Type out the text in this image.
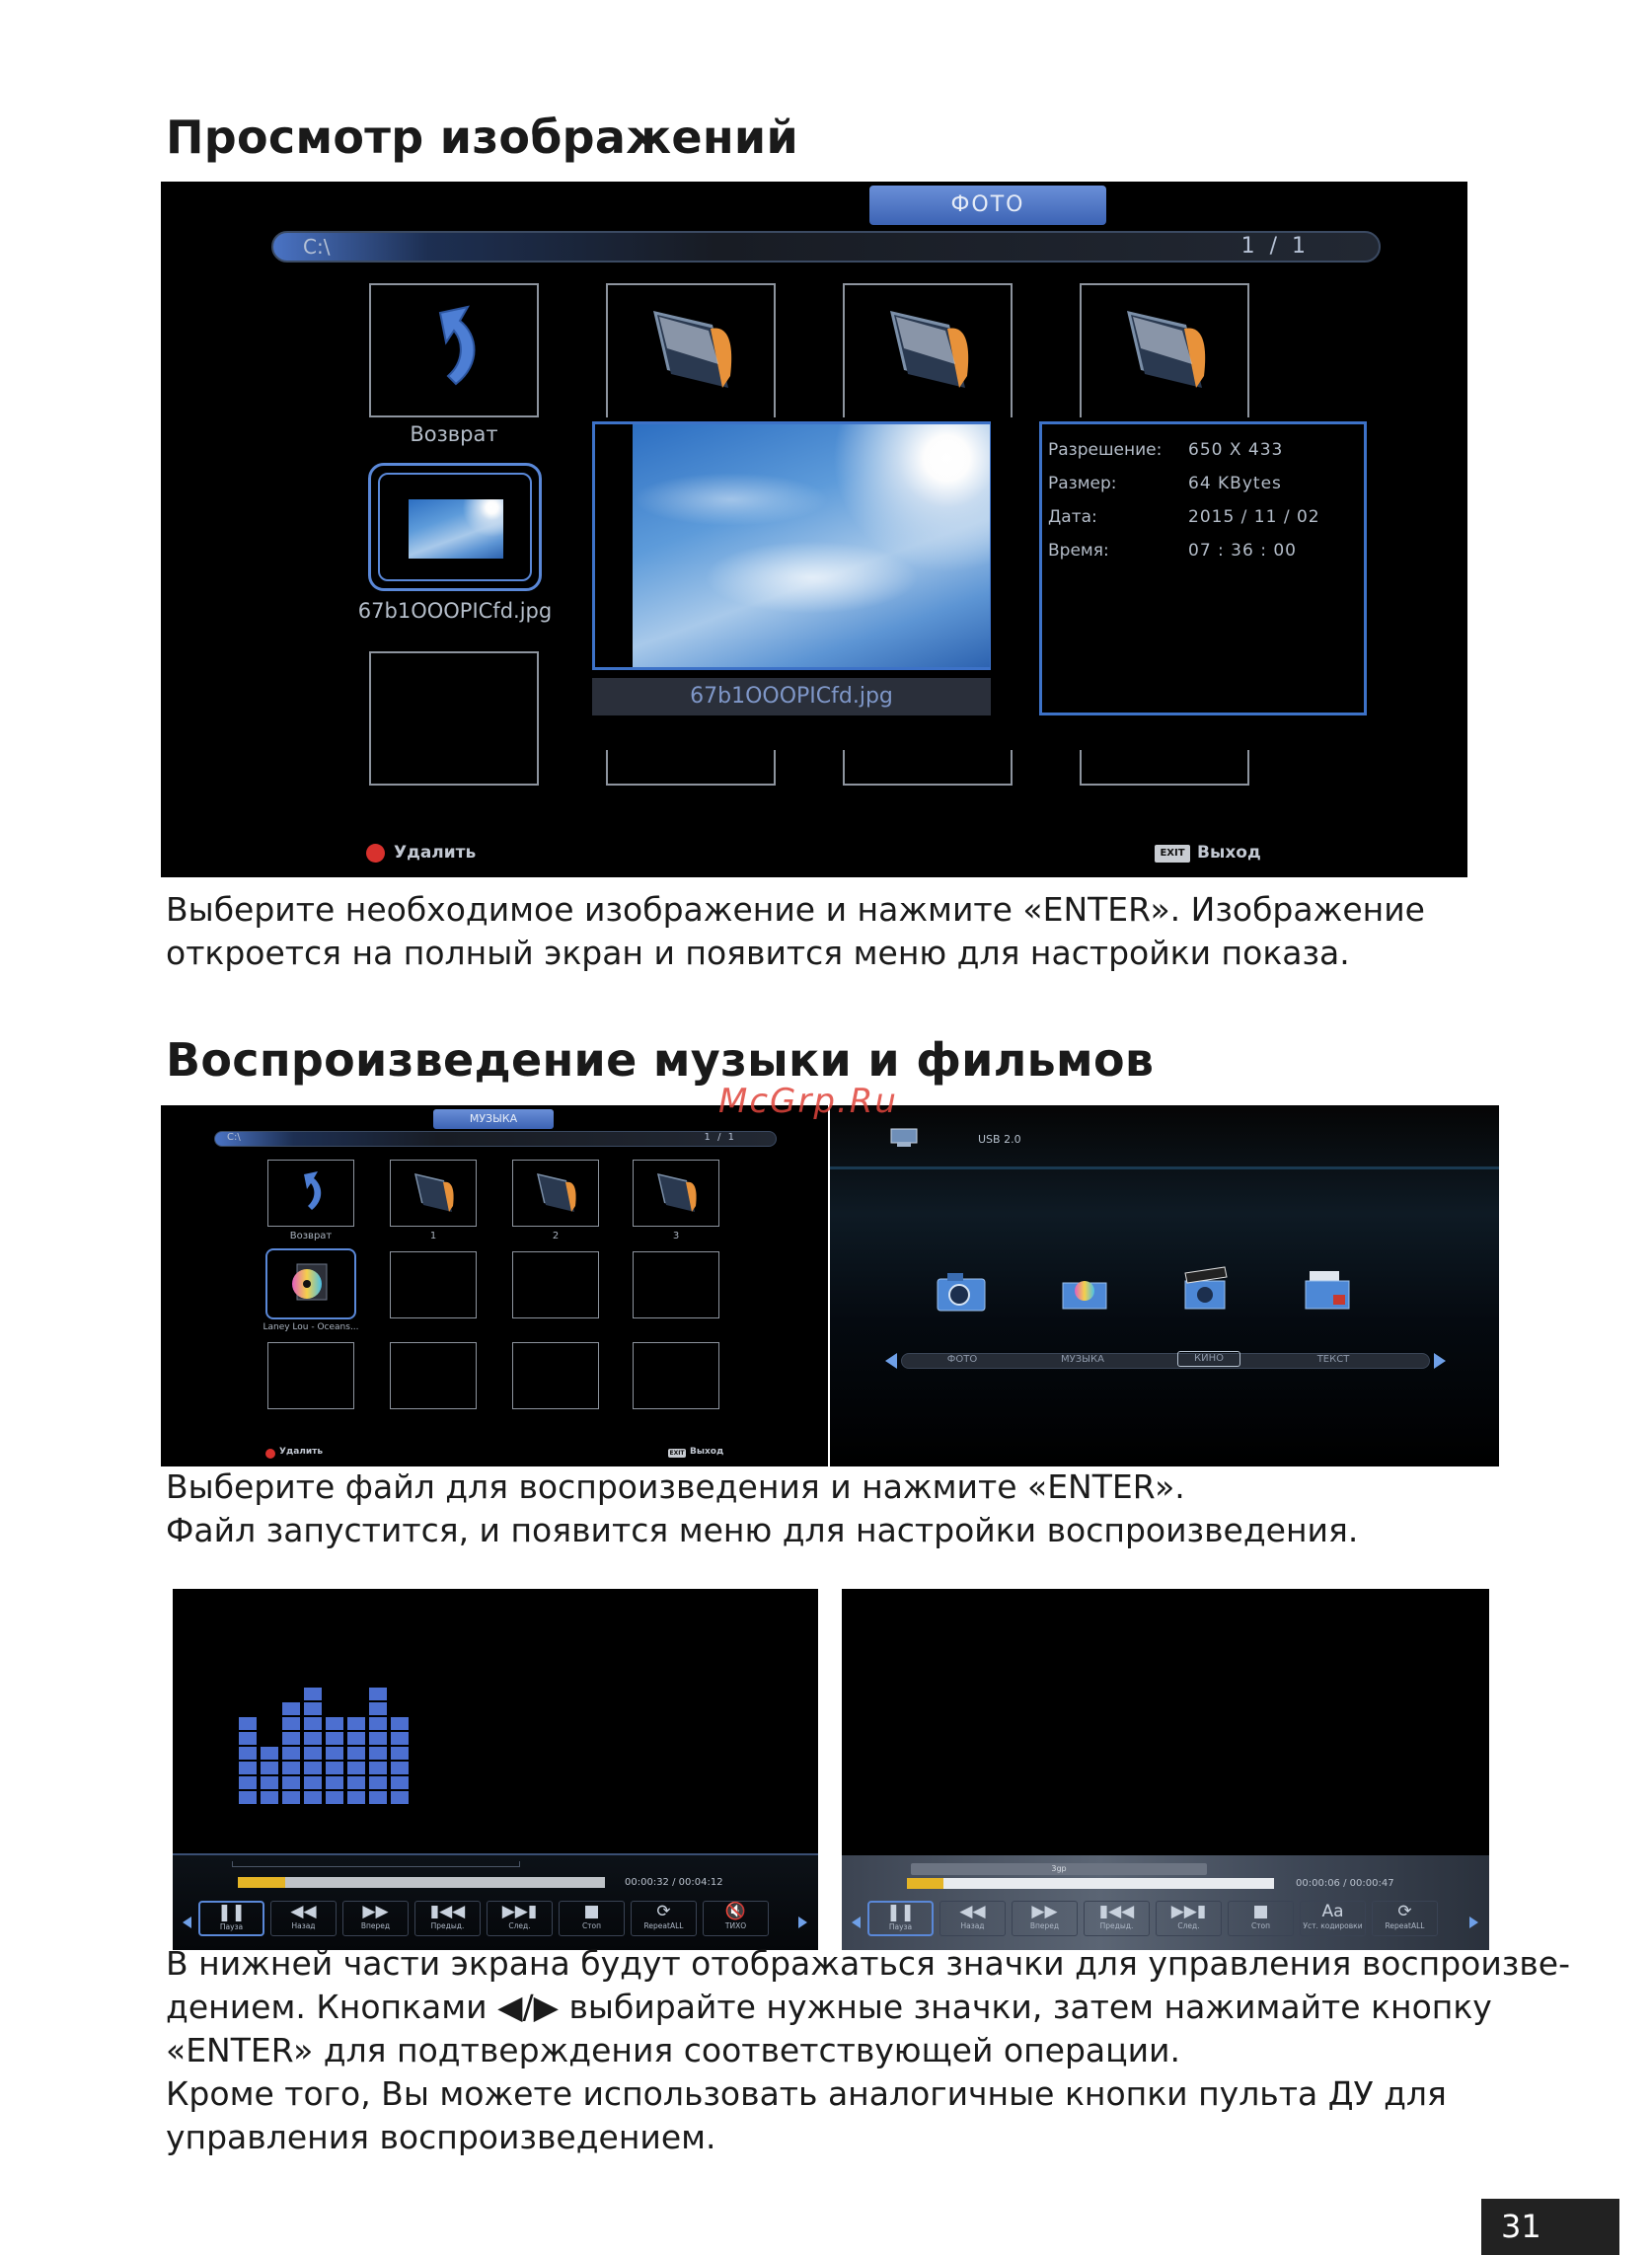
Просмотр изображений
ФОТО
C:\	1 / 1
Возврат
67b1OOOPICfd.jpg
67b1OOOPICfd.jpg
Разрешение: 650 X 433
Размер:	64 KBytes
Дата:	2015 / 11 / 02
Время:	07 : 36 : 00
Удалить	EXIT Выход
Выберите необходимое изображение и нажмите «ENTER». Изображение
откроется на полный экран и появится меню для настройки показа.
Воспроизведение музыки и фильмов
МУЗЫКА
C:\	1 / 1
Возврат	1	2	3
Laney Lou - Oceans...
Удалить	EXIT Выход
USB 2.0
ФОТО	МУЗЫКА	КИНО	ТЕКСТ
McGrp.Ru
Выберите файл для воспроизведения и нажмите «ENTER».
Файл запустится, и появится меню для настройки воспроизведения.
00:00:32 / 00:04:12
❚❚
Пауза
◀◀
Назад
▶▶
Вперед
▮◀◀
Предыд.
▶▶▮
След.
■
Стоп
⟳
RepeatALL
🔇
ТИХО
3gp
00:00:06 / 00:00:47
❚❚
Пауза
◀◀
Назад
▶▶
Вперед
▮◀◀
Предыд.
▶▶▮
След.
■
Стоп
Aa
Уст. кодировки
⟳
RepeatALL
В нижней части экрана будут отображаться значки для управления воспроизве-
дением. Кнопками ◀/▶ выбирайте нужные значки, затем нажимайте кнопку
«ENTER» для подтверждения соответствующей операции.
Кроме того, Вы можете использовать аналогичные кнопки пульта ДУ для
управления воспроизведением.
31
